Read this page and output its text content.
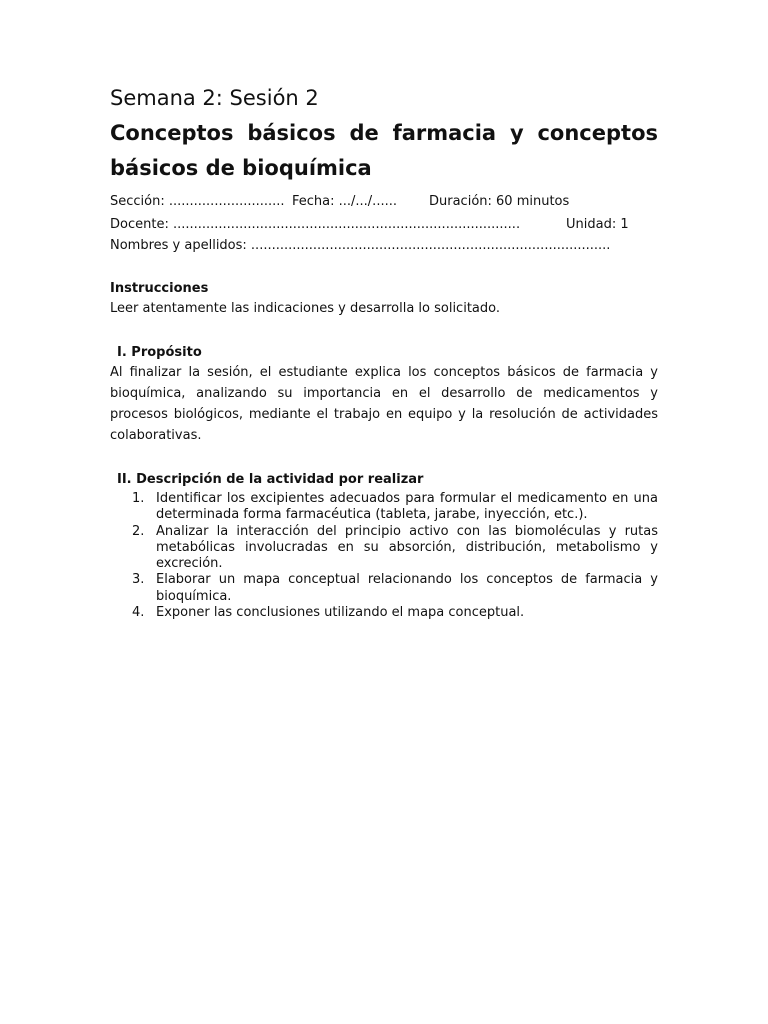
Semana 2: Sesión 2
Conceptos básicos de farmacia y conceptos básicos de bioquímica
Sección: ............................ Fecha: .../.../...... Duración: 60 minutos
Docente: ....................................................................................	Unidad: 1
Nombres y apellidos: .......................................................................................
Instrucciones
Leer atentamente las indicaciones y desarrolla lo solicitado.
I. Propósito
Al finalizar la sesión, el estudiante explica los conceptos básicos de farmacia y bioquímica, analizando su importancia en el desarrollo de medicamentos y procesos biológicos, mediante el trabajo en equipo y la resolución de actividades colaborativas.
II. Descripción de la actividad por realizar
1. Identificar los excipientes adecuados para formular el medicamento en una determinada forma farmacéutica (tableta, jarabe, inyección, etc.).
2. Analizar la interacción del principio activo con las biomoléculas y rutas metabólicas involucradas en su absorción, distribución, metabolismo y excreción.
3. Elaborar un mapa conceptual relacionando los conceptos de farmacia y bioquímica.
4. Exponer las conclusiones utilizando el mapa conceptual.
